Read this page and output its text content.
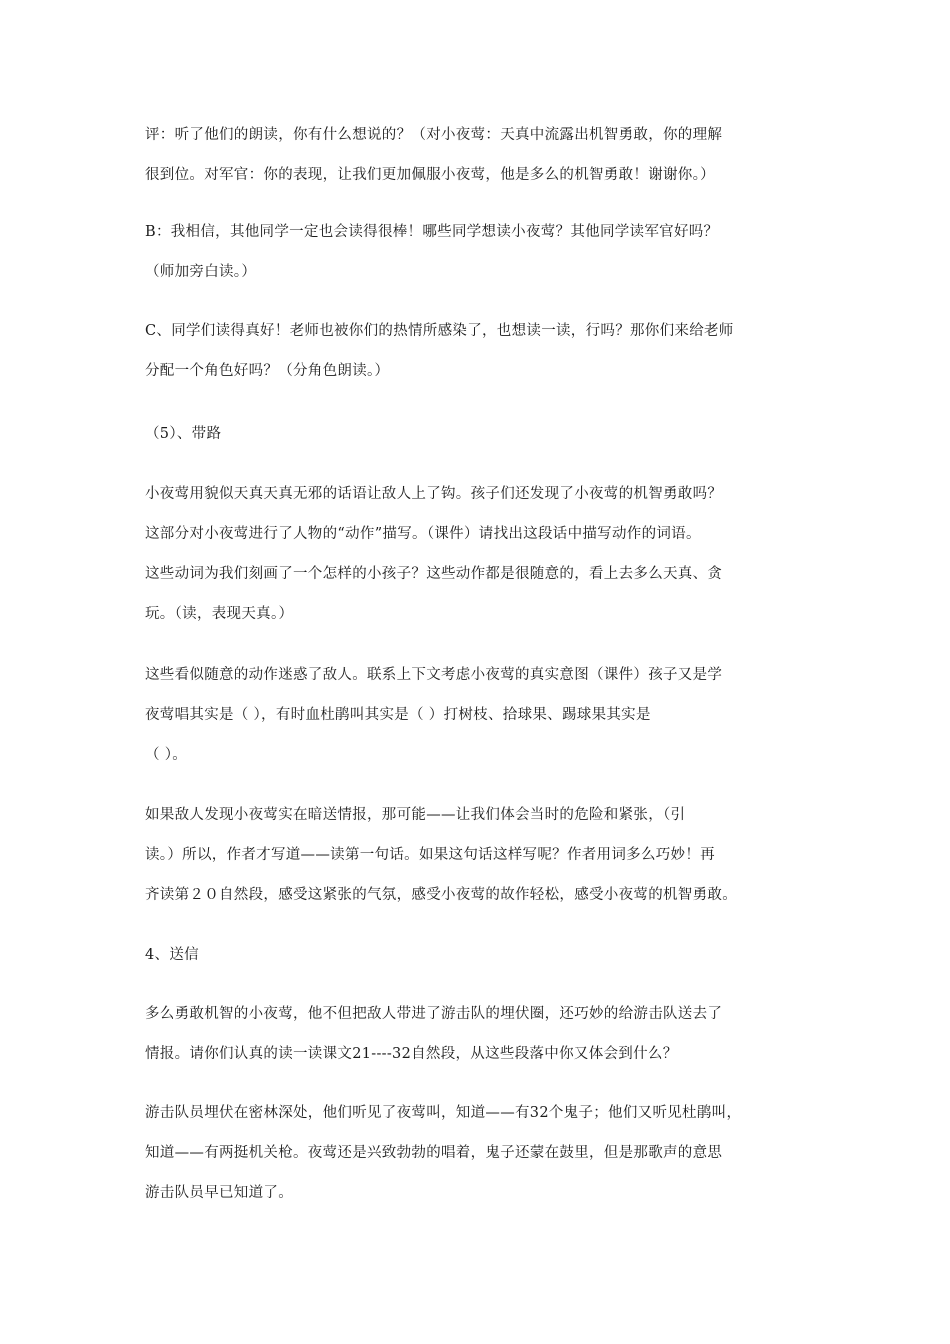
评：听了他们的朗读，你有什么想说的？（对小夜莺：天真中流露出机智勇敢，你的理解
很到位。对军官：你的表现，让我们更加佩服小夜莺，他是多么的机智勇敢！谢谢你。）
B：我相信，其他同学一定也会读得很棒！哪些同学想读小夜莺？其他同学读军官好吗？
（师加旁白读。）
C、同学们读得真好！老师也被你们的热情所感染了，也想读一读，行吗？那你们来给老师
分配一个角色好吗？（分角色朗读。）
（5）、带路
小夜莺用貌似天真天真无邪的话语让敌人上了钩。孩子们还发现了小夜莺的机智勇敢吗？
这部分对小夜莺进行了人物的“动作”描写。（课件）请找出这段话中描写动作的词语。
这些动词为我们刻画了一个怎样的小孩子？这些动作都是很随意的，看上去多么天真、贪
玩。（读，表现天真。）
这些看似随意的动作迷惑了敌人。联系上下文考虑小夜莺的真实意图（课件）孩子又是学
夜莺唱其实是（ ），有时血杜鹃叫其实是（ ）打树枝、拾球果、踢球果其实是
（ ）。
如果敌人发现小夜莺实在暗送情报，那可能——让我们体会当时的危险和紧张，（引
读。）所以，作者才写道——读第一句话。如果这句话这样写呢？作者用词多么巧妙！再
齐读第２０自然段，感受这紧张的气氛，感受小夜莺的故作轻松，感受小夜莺的机智勇敢。
4、送信
多么勇敢机智的小夜莺，他不但把敌人带进了游击队的埋伏圈，还巧妙的给游击队送去了
情报。请你们认真的读一读课文21----32自然段，从这些段落中你又体会到什么？
游击队员埋伏在密林深处，他们听见了夜莺叫，知道——有32个鬼子；他们又听见杜鹃叫，
知道——有两挺机关枪。夜莺还是兴致勃勃的唱着，鬼子还蒙在鼓里，但是那歌声的意思
游击队员早已知道了。
